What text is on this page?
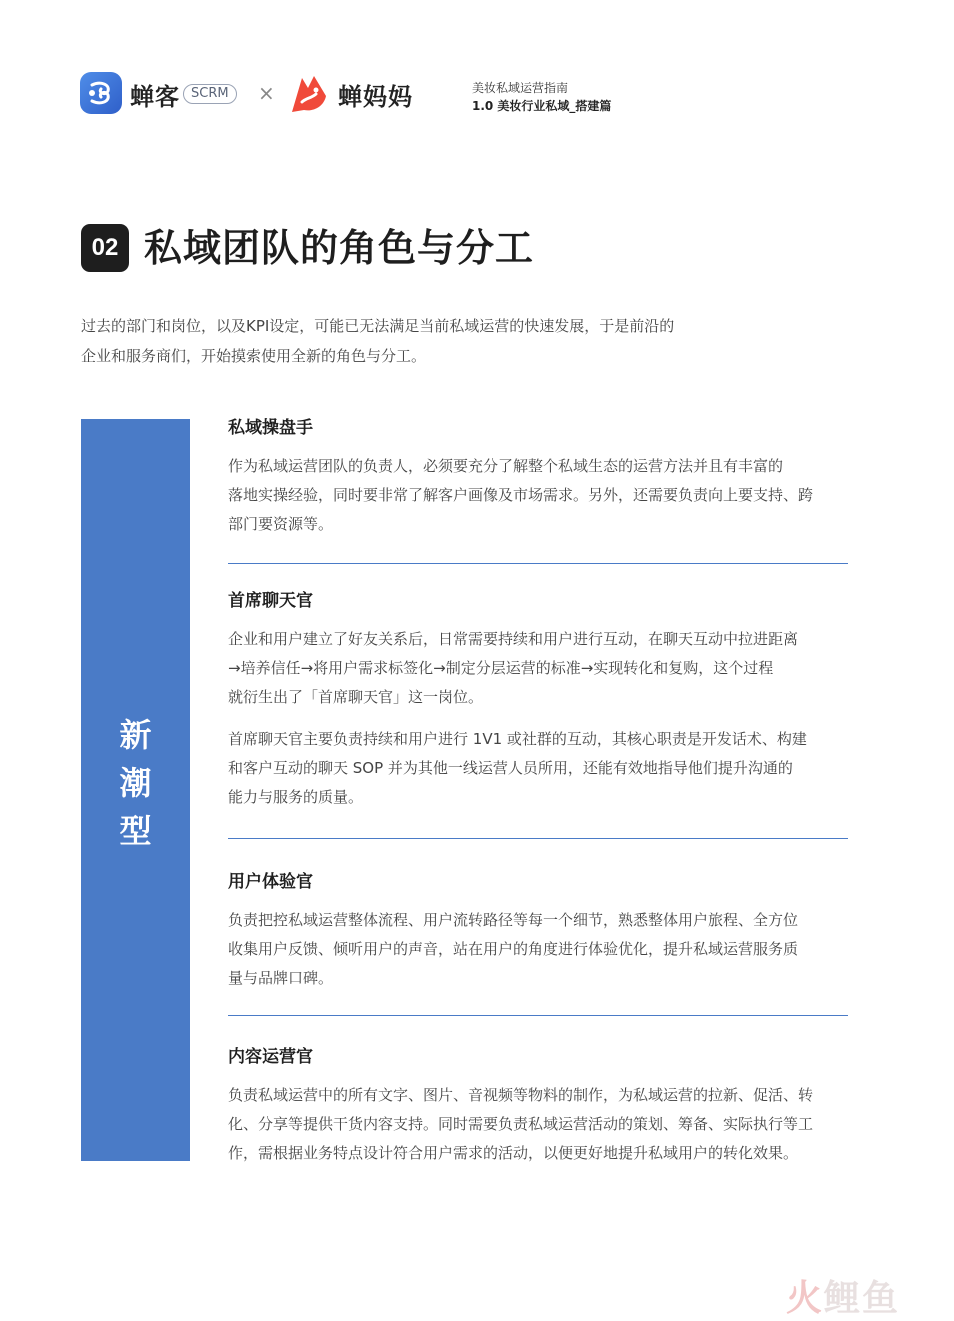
蝉客 SCRM	×	蝉妈妈	美妆私域运营指南
1.0 美妆行业私域_搭建篇
02 私域团队的角色与分工

过去的部门和岗位，以及KPI设定，可能已无法满足当前私域运营的快速发展，于是前沿的

企业和服务商们，开始摸索使用全新的角色与分工。

新
潮
型
私域操盘手

作为私域运营团队的负责人，必须要充分了解整个私域生态的运营方法并且有丰富的

落地实操经验，同时要非常了解客户画像及市场需求。另外，还需要负责向上要支持、跨

部门要资源等。

首席聊天官

企业和用户建立了好友关系后，日常需要持续和用户进行互动，在聊天互动中拉进距离

→培养信任→将用户需求标签化→制定分层运营的标准→实现转化和复购，这个过程

就衍生出了「首席聊天官」这一岗位。

首席聊天官主要负责持续和用户进行 1V1 或社群的互动，其核心职责是开发话术、构建

和客户互动的聊天 SOP 并为其他一线运营人员所用，还能有效地指导他们提升沟通的

能力与服务的质量。

用户体验官

负责把控私域运营整体流程、用户流转路径等每一个细节，熟悉整体用户旅程、全方位

收集用户反馈、倾听用户的声音，站在用户的角度进行体验优化，提升私域运营服务质

量与品牌口碑。

内容运营官

负责私域运营中的所有文字、图片、音视频等物料的制作，为私域运营的拉新、促活、转

化、分享等提供干货内容支持。同时需要负责私域运营活动的策划、筹备、实际执行等工

作，需根据业务特点设计符合用户需求的活动，以便更好地提升私域用户的转化效果。

火鲤鱼
